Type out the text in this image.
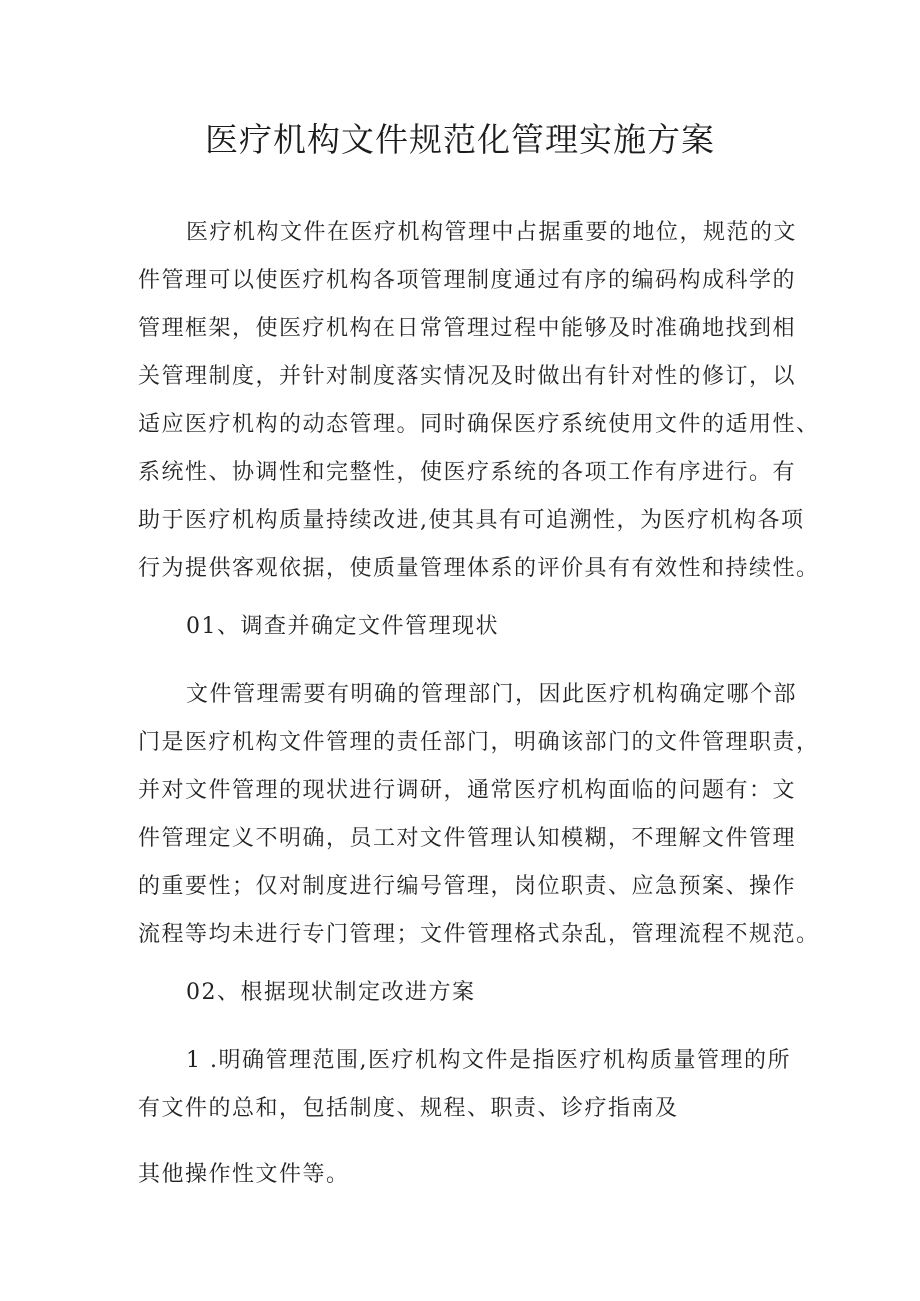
医疗机构文件规范化管理实施方案
医疗机构文件在医疗机构管理中占据重要的地位，规范的文
件管理可以使医疗机构各项管理制度通过有序的编码构成科学的
管理框架，使医疗机构在日常管理过程中能够及时准确地找到相
关管理制度，并针对制度落实情况及时做出有针对性的修订，以
适应医疗机构的动态管理。同时确保医疗系统使用文件的适用性、
系统性、协调性和完整性，使医疗系统的各项工作有序进行。有
助于医疗机构质量持续改进,使其具有可追溯性，为医疗机构各项
行为提供客观依据，使质量管理体系的评价具有有效性和持续性。
01、调查并确定文件管理现状
文件管理需要有明确的管理部门，因此医疗机构确定哪个部
门是医疗机构文件管理的责任部门，明确该部门的文件管理职责，
并对文件管理的现状进行调研，通常医疗机构面临的问题有：文
件管理定义不明确，员工对文件管理认知模糊，不理解文件管理
的重要性；仅对制度进行编号管理，岗位职责、应急预案、操作
流程等均未进行专门管理；文件管理格式杂乱，管理流程不规范。
02、根据现状制定改进方案
1 .明确管理范围,医疗机构文件是指医疗机构质量管理的所
有文件的总和，包括制度、规程、职责、诊疗指南及
其他操作性文件等。
